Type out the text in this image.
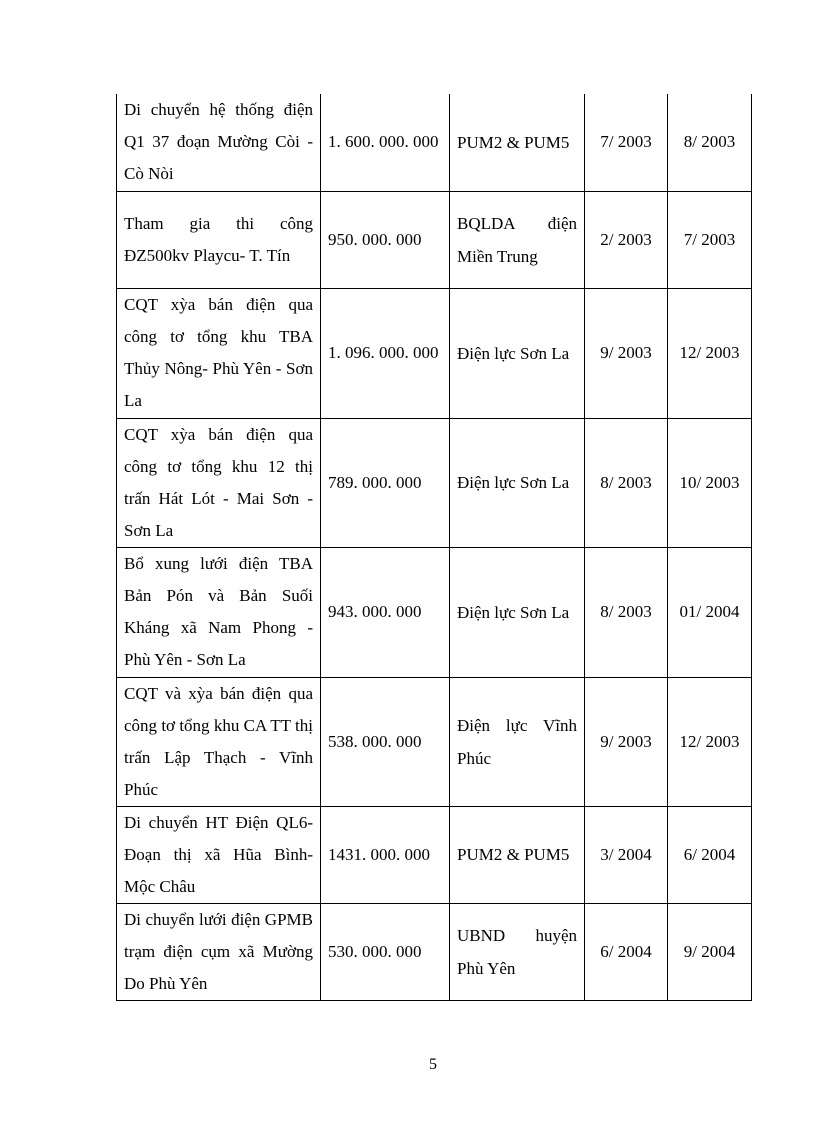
Di chuyển hệ thống điện Q1 37 đoạn Mường Còi - Cò Nòi	1. 600. 000. 000	PUM2 & PUM5	7/ 2003	8/ 2003

Tham gia thi công ĐZ500kv Playcu- T. Tín	950. 000. 000	BQLDA điện Miền Trung	2/ 2003	7/ 2003

CQT xỳa bán điện qua công tơ tổng khu TBA Thủy Nông- Phù Yên - Sơn La	1. 096. 000. 000	Điện lực Sơn La	9/ 2003	12/ 2003

CQT xỳa bán điện qua công tơ tổng khu 12 thị trấn Hát Lót - Mai Sơn - Sơn La	789. 000. 000	Điện lực Sơn La	8/ 2003	10/ 2003

Bổ xung lưới điện TBA Bản Pón và Bản Suối Kháng xã Nam Phong - Phù Yên - Sơn La	943. 000. 000	Điện lực Sơn La	8/ 2003	01/ 2004

CQT và xỳa bán điện qua công tơ tổng khu CA TT thị trấn Lập Thạch - Vĩnh Phúc	538. 000. 000	Điện lực Vĩnh Phúc	9/ 2003	12/ 2003

Di chuyển HT Điện QL6- Đoạn thị xã Hũa Bình- Mộc Châu	1431. 000. 000	PUM2 & PUM5	3/ 2004	6/ 2004

Di chuyển lưới điện GPMB trạm điện cụm xã Mường Do Phù Yên	530. 000. 000	UBND huyện Phù Yên	6/ 2004	9/ 2004
5
